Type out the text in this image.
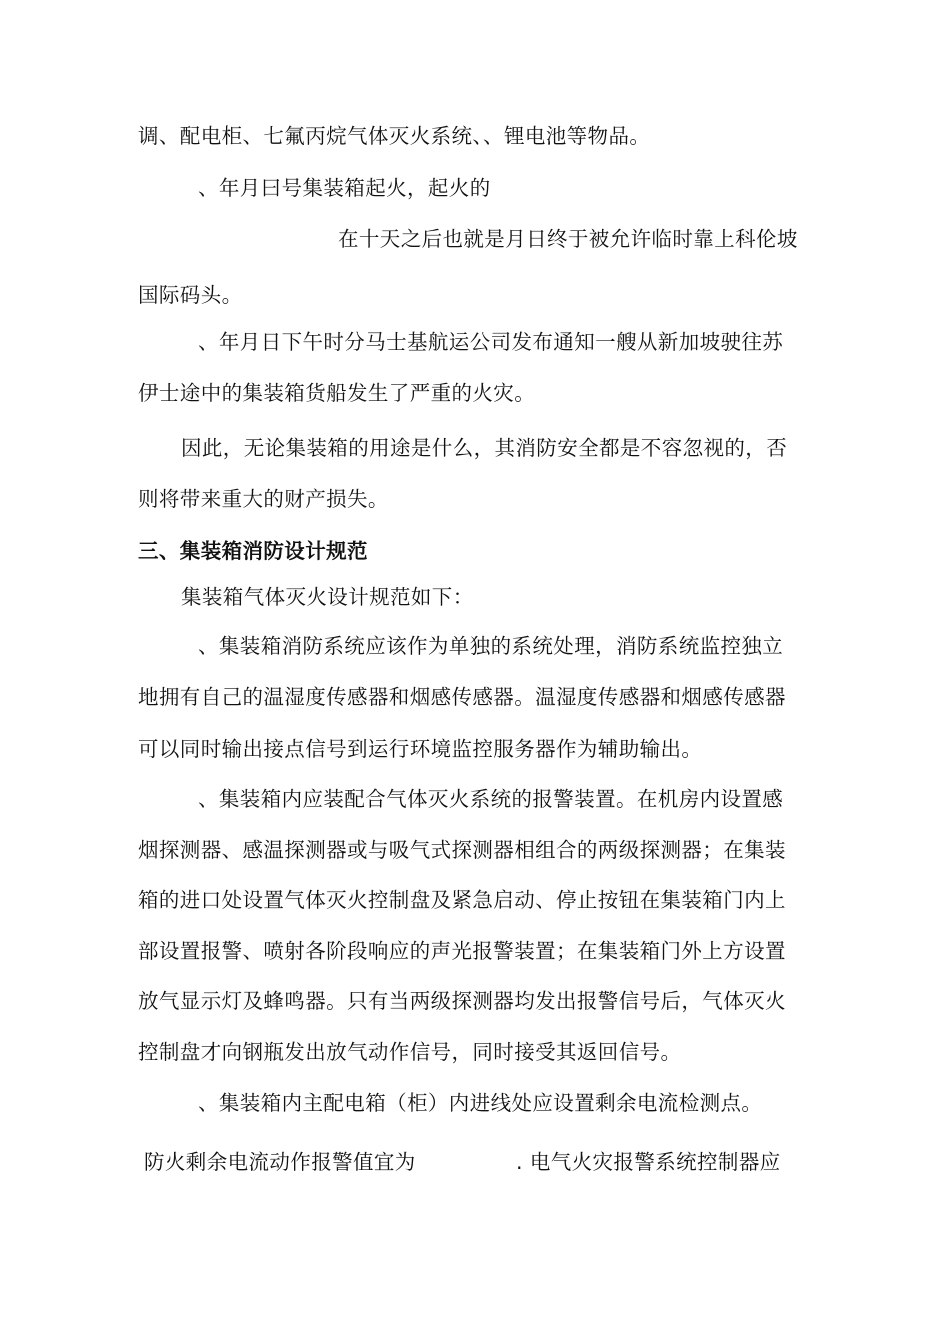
调、配电柜、七氟丙烷气体灭火系统、、锂电池等物品。
、年月曰号集装箱起火，起火的
在十天之后也就是月日终于被允许临时靠上科伦坡
国际码头。
、年月日下午时分马士基航运公司发布通知一艘从新加坡驶往苏
伊士途中的集装箱货船发生了严重的火灾。
因此，无论集装箱的用途是什么，其消防安全都是不容忽视的，否
则将带来重大的财产损失。
三、集装箱消防设计规范
集装箱气体灭火设计规范如下：
、集装箱消防系统应该作为单独的系统处理，消防系统监控独立
地拥有自己的温湿度传感器和烟感传感器。温湿度传感器和烟感传感器
可以同时输出接点信号到运行环境监控服务器作为辅助输出。
、集装箱内应装配合气体灭火系统的报警装置。在机房内设置感
烟探测器、感温探测器或与吸气式探测器相组合的两级探测器；在集装
箱的进口处设置气体灭火控制盘及紧急启动、停止按钮在集装箱门内上
部设置报警、喷射各阶段响应的声光报警装置；在集装箱门外上方设置
放气显示灯及蜂鸣器。只有当两级探测器均发出报警信号后，气体灭火
控制盘才向钢瓶发出放气动作信号，同时接受其返回信号。
、集装箱内主配电箱（柜）内进线处应设置剩余电流检测点。
防火剩余电流动作报警值宜为	. 电气火灾报警系统控制器应
